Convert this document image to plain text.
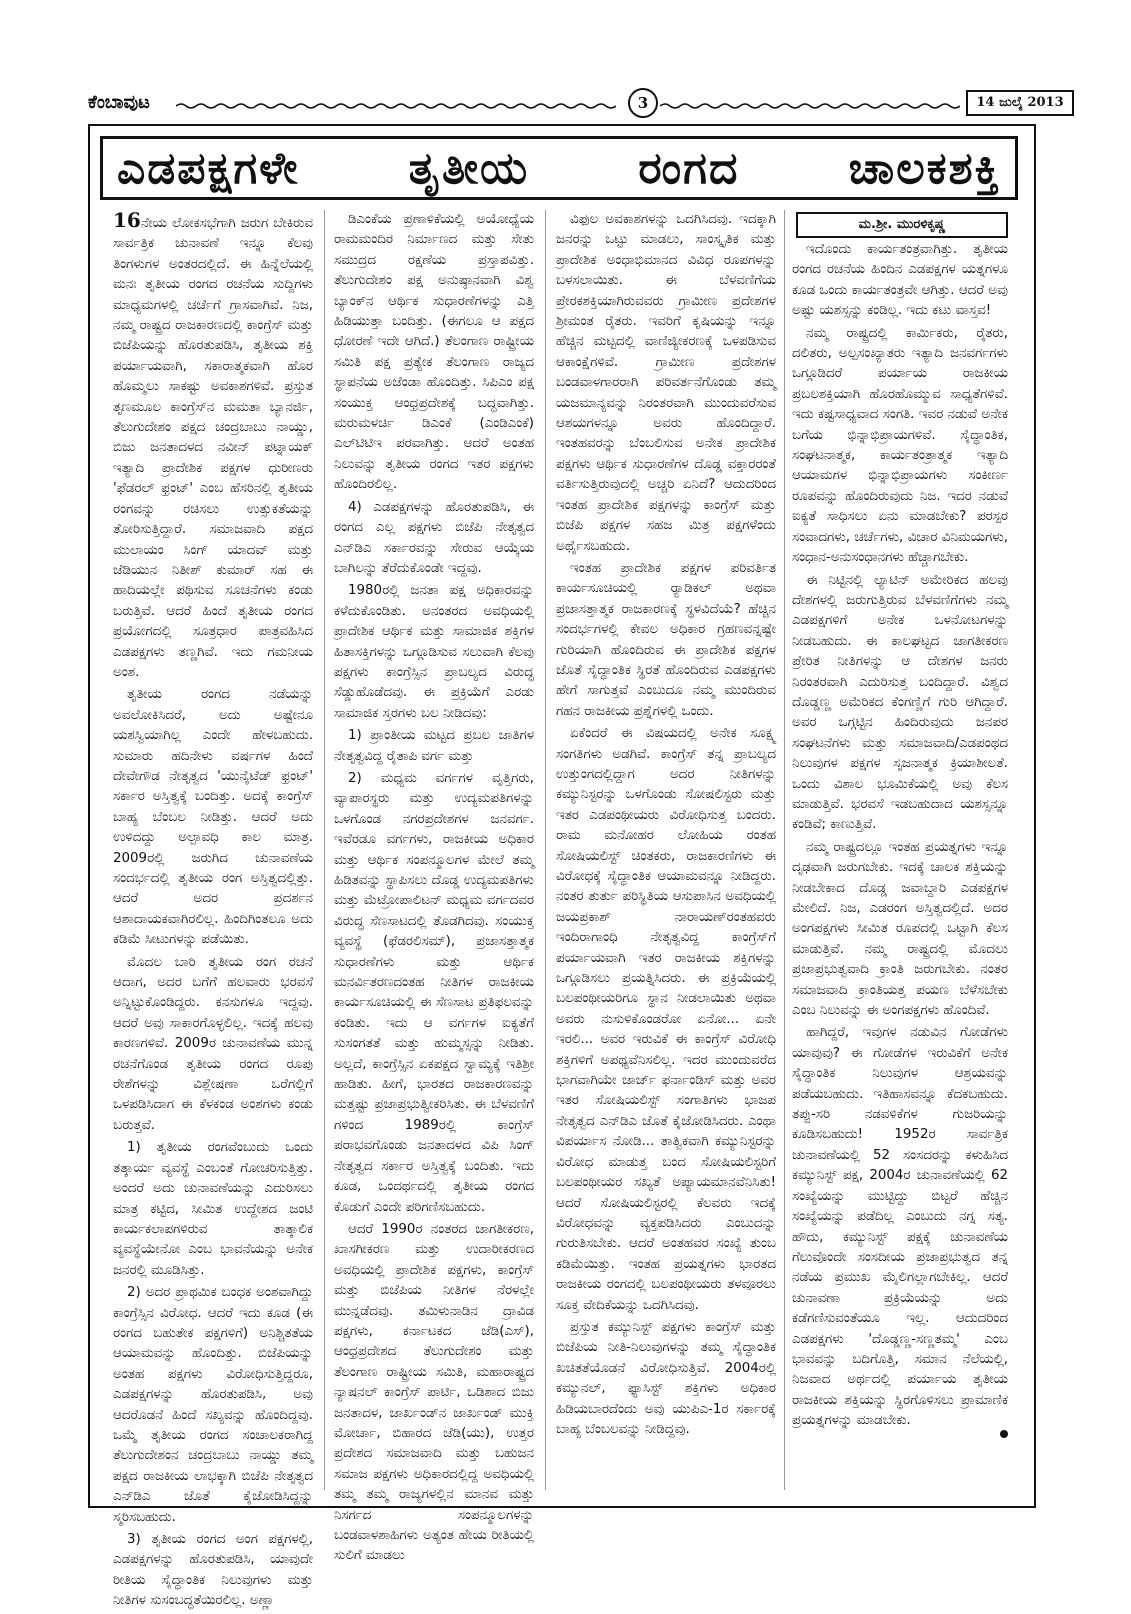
ಕೆಂಬಾವುಟ	3	14 ಜುಲೈ 2013
ಎಡಪಕ್ಷಗಳೇ ತೃತೀಯ ರಂಗದ ಚಾಲಕಶಕ್ತಿ
ಮ.ಶ್ರೀ. ಮುರಳಿಕೃಷ್ಣ

16ನೇಯ ಲೋಕಸಭೆಗಾಗಿ ಜರುಗ ಬೇಕಿರುವ ಸಾರ್ವತ್ರಿಕ ಚುನಾವಣೆ ಇನ್ನೂ ಕೆಲವು ತಿಂಗಳುಗಳ ಅಂತರದಲ್ಲಿದೆ. ಈ ಹಿನ್ನೆಲೆಯಲ್ಲಿ ಮನಃ ತೃತೀಯ ರಂಗದ ರಚನೆಯ ಸುದ್ದಿಗಳು ಮಾಧ್ಯಮಗಳಲ್ಲಿ ಚರ್ಚೆಗೆ ಗ್ರಾಸವಾಗಿವೆ. ನಿಜ, ನಮ್ಮ ರಾಷ್ಟ್ರದ ರಾಜಕಾರಣದಲ್ಲಿ ಕಾಂಗ್ರೆಸ್ ಮತ್ತು ಬಿಜೆಪಿಯನ್ನು ಹೊರತುಪಡಿಸಿ, ತೃತೀಯ ಶಕ್ತಿ ಪರ್ಯಾಯವಾಗಿ, ಸಕಾರಾತ್ಮಕವಾಗಿ ಹೊರ ಹೊಮ್ಮಲು ಸಾಕಷ್ಟು ಅವಕಾಶಗಳಿವೆ. ಪ್ರಸ್ತುತ ತೃಣಮೂಲ ಕಾಂಗ್ರೆಸ್‌ನ ಮಮತಾ ಬ್ಯಾನರ್ಜಿ, ತೆಲುಗುದೇಶಂ ಪಕ್ಷದ ಚಂದ್ರಬಾಬು ನಾಯ್ಡು, ಬಿಜು ಜನತಾದಳದ ನವೀನ್ ಪಟ್ನಾಯಕ್ ಇತ್ಯಾದಿ ಪ್ರಾದೇಶಿಕ ಪಕ್ಷಗಳ ಧುರೀಣರು 'ಫೆಡರಲ್ ಫ್ರಂಟ್' ಎಂಬ ಹೆಸರಿನಲ್ಲಿ ತೃತೀಯ ರಂಗವನ್ನು ರಚಿಸಲು ಉತ್ಸುಕತೆಯನ್ನು ತೋರಿಸುತ್ತಿದ್ದಾರೆ. ಸಮಾಜವಾದಿ ಪಕ್ಷದ ಮುಲಾಯಂ ಸಿಂಗ್ ಯಾದವ್ ಮತ್ತು ಜೆಡಿಯುನ ನಿತೀಶ್ ಕುಮಾರ್ ಸಹ ಈ ಹಾದಿಯಲ್ಲೇ ಪಥಿಸುವ ಸೂಚನೆಗಳು ಕಂಡು ಬರುತ್ತಿವೆ. ಆದರೆ ಹಿಂದೆ ತೃತೀಯ ರಂಗದ ಪ್ರಯೋಗದಲ್ಲಿ ಸೂತ್ರಧಾರ ಪಾತ್ರವಹಿಸಿದ ಎಡಪಕ್ಷಗಳು ತಣ್ಣಗಿವೆ. ಇದು ಗಮನೀಯ ಅಂಶ.

ತೃತೀಯ ರಂಗದ ನಡೆಯನ್ನು ಅವಲೋಕಿಸಿದರೆ, ಅದು ಅಷ್ಟೇನೂ ಯಶಸ್ವಿಯಾಗಿಲ್ಲ ಎಂದೇ ಹೇಳಬಹುದು. ಸುಮಾರು ಹದಿನೇಳು ವರ್ಷಗಳ ಹಿಂದೆ ದೇವೇಗೌಡ ನೇತೃತ್ವದ 'ಯುನೈಟೆಡ್ ಫ್ರಂಟ್' ಸರ್ಕಾರ ಅಸ್ತಿತ್ವಕ್ಕೆ ಬಂದಿತ್ತು. ಅದಕ್ಕೆ ಕಾಂಗ್ರೆಸ್ ಬಾಹ್ಯ ಬೆಂಬಲ ನೀಡಿತ್ತು. ಆದರೆ ಅದು ಉಳಿದದ್ದು ಅಲ್ಪಾವಧಿ ಕಾಲ ಮಾತ್ರ. 2009ರಲ್ಲಿ ಜರುಗಿದ ಚುನಾವಣೆಯ ಸಂದರ್ಭದಲ್ಲಿ ತೃತೀಯ ರಂಗ ಅಸ್ತಿತ್ವದಲ್ಲಿತ್ತು. ಆದರೆ ಅದರ ಪ್ರದರ್ಶನ ಆಶಾದಾಯಕವಾಗಿರಲಿಲ್ಲ. ಹಿಂದಿಗಿಂತಲೂ ಅದು ಕಡಿಮೆ ಸೀಟುಗಳನ್ನು ಪಡೆಯಿತು.

ಮೊದಲ ಬಾರಿ ತೃತೀಯ ರಂಗ ರಚನೆ ಆದಾಗ, ಅದರ ಬಗೆಗೆ ಹಲವಾರು ಭರವಸೆ ಅನ್ನಿಟ್ಟುಕೊಂಡಿದ್ದರು. ಕನಸುಗಳೂ ಇದ್ದವು. ಆದರೆ ಅವು ಸಾಕಾರಗೊಳ್ಳಲಿಲ್ಲ. ಇದಕ್ಕೆ ಹಲವು ಕಾರಣಗಳಿವೆ. 2009ರ ಚುನಾವಣೆಯ ಮುನ್ನ ರಚನೆಗೊಂಡ ತೃತೀಯ ರಂಗದ ರೂಪು ರೇಶೆಗಳನ್ನು ವಿಶ್ಲೇಷಣಾ ಒರೆಗಲ್ಲಿಗೆ ಒಳಪಡಿಸಿದಾಗ ಈ ಕೆಳಕಂಡ ಅಂಶಗಳು ಕಂಡು ಬರುತ್ತವೆ.

1) ತೃತೀಯ ರಂಗವೆಂಬುದು ಒಂದು ತತ್ಕಾರ್ಯ ವ್ಯವಸ್ಥೆ ಎಂಬಂತೆ ಗೋಚರಿಸುತ್ತಿತ್ತು. ಅಂದರೆ ಅದು ಚುನಾವಣೆಯನ್ನು ಎದುರಿಸಲು ಮಾತ್ರ ಕಟ್ಟಿದ, ಸೀಮಿತ ಉದ್ದೇಶದ ಜಂಟಿ ಕಾರ್ಯಕಲಾಪಗಳಿರುವ ತಾತ್ಕಾಲಿಕ ವ್ಯವಸ್ಥೆಯೇನೋ ಎಂಬ ಭಾವನೆಯನ್ನು ಅನೇಕ ಜನರಲ್ಲಿ ಮೂಡಿಸಿತ್ತು.

2) ಅದರ ಪ್ರಾಥಮಿಕ ಬಂಧಕ ಅಂಶವಾಗಿದ್ದು ಕಾಂಗ್ರೆಸ್ಸಿನ ವಿರೋಧ. ಆದರೆ ಇದು ಕೂಡ (ಈ ರಂಗದ ಬಹುತೇಕ ಪಕ್ಷಗಳಿಗೆ) ಅನಿಶ್ಚಿತತೆಯ ಆಯಾಮವನ್ನು ಹೊಂದಿತ್ತು. ಬಿಜೆಪಿಯನ್ನು ಅಂತಹ ಪಕ್ಷಗಳು ವಿರೋಧಿಸುತ್ತಿದ್ದರೂ, ಎಡಪಕ್ಷಗಳನ್ನು ಹೊರತುಪಡಿಸಿ, ಅವು ಆದರೊಡನೆ ಹಿಂದೆ ಸಖ್ಯವನ್ನು ಹೊಂದಿದ್ದವು. ಒಮ್ಮೆ ತೃತೀಯ ರಂಗದ ಸಂಚಾಲಕರಾಗಿದ್ದ ತೆಲುಗುದೇಶಂನ ಚಂದ್ರಬಾಬು ನಾಯ್ಡು ತಮ್ಮ ಪಕ್ಷದ ರಾಜಕೀಯ ಲಾಭಕ್ಕಾಗಿ ಬಿಜೆಪಿ ನೇತೃತ್ವದ ಎನ್‌ಡಿಎ ಜೊತೆ ಕೈಜೋಡಿಸಿದ್ದನ್ನು ಸ್ಮರಿಸಬಹುದು.

3) ತೃತೀಯ ರಂಗದ ಅಂಗ ಪಕ್ಷಗಳಲ್ಲಿ, ಎಡಪಕ್ಷಗಳನ್ನು ಹೊರತುಪಡಿಸಿ, ಯಾವುದೇ ರೀತಿಯ ಸೈದ್ಧಾಂತಿಕ ನಿಲುವುಗಳು ಮತ್ತು ನೀತಿಗಳ ಸುಸಂಬದ್ಧತೆಯಿರಲಿಲ್ಲ. ಅಣ್ಣಾ

ಡಿಎಂಕೆಯ ಪ್ರಣಾಳಿಕೆಯಲ್ಲಿ ಅಯೋಧ್ಯೆಯ ರಾಮಮಂದಿರ ನಿರ್ಮಾಣದ ಮತ್ತು ಸೇತು ಸಮುದ್ರದ ರಕ್ಷಣೆಯ ಪ್ರಸ್ತಾಪವಿತ್ತು. ತೆಲುಗುದೇಶಂ ಪಕ್ಷ ಅನುಷ್ಠಾನವಾಗಿ ವಿಶ್ವ ಬ್ಯಾಂಕ್‌ನ ಆರ್ಥಿಕ ಸುಧಾರಣೆಗಳನ್ನು ಎತ್ತಿ ಹಿಡಿಯುತ್ತಾ ಬಂದಿತ್ತು. (ಈಗಲೂ ಆ ಪಕ್ಷದ ಧೋರಣೆ ಇದೇ ಆಗಿದೆ.) ತೆಲಂಗಾಣ ರಾಷ್ಟ್ರೀಯ ಸಮಿತಿ ಪಕ್ಷ ಪ್ರತ್ಯೇಕ ತೆಲಂಗಾಣ ರಾಜ್ಯದ ಸ್ಥಾಪನೆಯ ಅಜೆಂಡಾ ಹೊಂದಿತ್ತು. ಸಿಪಿಎಂ ಪಕ್ಷ ಸಂಯುಕ್ತ ಆಂಧ್ರಪ್ರದೇಶಕ್ಕೆ ಬದ್ಧವಾಗಿತ್ತು. ಮರುಮಳರ್ಚಿ ಡಿಎಂಕೆ (ಎಂಡಿಎಂಕೆ) ಎಲ್‌ಟಿಟಿಇ ಪರವಾಗಿತ್ತು. ಆದರೆ ಅಂತಹ ನಿಲುವನ್ನು ತೃತೀಯ ರಂಗದ ಇತರ ಪಕ್ಷಗಳು ಹೊಂದಿರಲಿಲ್ಲ.

4) ಎಡಪಕ್ಷಗಳನ್ನು ಹೊರತುಪಡಿಸಿ, ಈ ರಂಗದ ಎಲ್ಲ ಪಕ್ಷಗಳು ಬಿಜೆಪಿ ನೇತೃತ್ವದ ಎನ್‌ಡಿಎ ಸರ್ಕಾರವನ್ನು ಸೇರುವ ಆಯ್ಕೆಯ ಬಾಗಿಲನ್ನು ತೆರೆದುಕೊಂಡೇ ಇದ್ದವು.

1980ರಲ್ಲಿ ಜನತಾ ಪಕ್ಷ ಅಧಿಕಾರವನ್ನು ಕಳೆದುಕೊಂಡಿತು. ಅನಂತರದ ಅವಧಿಯಲ್ಲಿ ಪ್ರಾದೇಶಿಕ ಆರ್ಥಿಕ ಮತ್ತು ಸಾಮಾಜಿಕ ಶಕ್ತಿಗಳ ಹಿತಾಸಕ್ತಿಗಳನ್ನು ಒಗ್ಗೂಡಿಸುವ ಸಲುವಾಗಿ ಕೆಲವು ಪಕ್ಷಗಳು ಕಾಂಗ್ರೆಸ್ಸಿನ ಪ್ರಾಬಲ್ಯದ ವಿರುದ್ಧ ಸೆಡ್ಡುಹೊಡೆದವು. ಈ ಪ್ರಕ್ರಿಯೆಗೆ ಎರಡು ಸಾಮಾಜಿಕ ಸ್ತರಗಳು ಬಲ ನೀಡಿದವು:

1) ಪ್ರಾಂತೀಯ ಮಟ್ಟದ ಪ್ರಬಲ ಜಾತಿಗಳ ನೇತೃತ್ವವಿದ್ದ ರೈತಾಪಿ ವರ್ಗ ಮತ್ತು

2) ಮಧ್ಯಮ ವರ್ಗಗಳ ವೃತ್ತಿಗರು, ವ್ಯಾಪಾರಸ್ಥರು ಮತ್ತು ಉದ್ಯಮಪತಿಗಳನ್ನು ಒಳಗೊಂಡ ನಗರಪ್ರದೇಶಗಳ ಜನವರ್ಗ. ಇವೆರಡೂ ವರ್ಗಗಳು, ರಾಜಕೀಯ ಅಧಿಕಾರ ಮತ್ತು ಆರ್ಥಿಕ ಸಂಪನ್ಮೂಲಗಳ ಮೇಲೆ ತಮ್ಮ ಹಿಡಿತವನ್ನು ಸ್ಥಾಪಿಸಲು ದೊಡ್ಡ ಉದ್ಯಮಪತಿಗಳು ಮತ್ತು ಮೆಟ್ರೋಪಾಲಿಟನ್ ಮಧ್ಯಮ ವರ್ಗದವರ ವಿರುದ್ಧ ಸೆಣಸಾಟದಲ್ಲಿ ತೊಡಗಿದವು. ಸಂಯುಕ್ತ ವ್ಯವಸ್ಥೆ (ಫೆಡರಲಿಸಮ್), ಪ್ರಜಾಸತ್ತಾತ್ಮಕ ಸುಧಾರಣೆಗಳು ಮತ್ತು ಆರ್ಥಿಕ ಮನರ್ವಿತರಣದಂತಹ ನೀತಿಗಳ ರಾಜಕೀಯ ಕಾರ್ಯಸೂಚಿಯಲ್ಲಿ ಈ ಸೆಣಸಾಟ ಪ್ರತಿಫಲವನ್ನು ಕಂಡಿತು. ಇದು ಆ ವರ್ಗಗಳ ಐಕ್ಯತೆಗೆ ಸುಸಂಗತತೆ ಮತ್ತು ಹುಮ್ಮಸ್ಸನ್ನು ನೀಡಿತು. ಅಲ್ಲದೆ, ಕಾಂಗ್ರೆಸ್ಸಿನ ಏಕಪಕ್ಷದ ಸ್ವಾಮ್ಯಕ್ಕೆ ಇತಿಶ್ರೀ ಹಾಡಿತು. ಹೀಗೆ, ಭಾರತದ ರಾಜಕಾರಣವನ್ನು ಮತ್ತಷ್ಟು ಪ್ರಜಾಪ್ರಭುತ್ವೀಕರಿಸಿತು. ಈ ಬೆಳವಣಿಗೆ ಗಳಿಂದ 1989ರಲ್ಲಿ ಕಾಂಗ್ರೆಸ್ ಪರಾಭವಗೊಂಡು ಜನತಾದಳದ ವಿಪಿ ಸಿಂಗ್ ನೇತೃತ್ವದ ಸರ್ಕಾರ ಅಸ್ತಿತ್ವಕ್ಕೆ ಬಂದಿತು. ಇದು ಕೂಡ, ಒಂದರ್ಥದಲ್ಲಿ ತೃತೀಯ ರಂಗದ ಕೊಡುಗೆ ಎಂದೇ ಪರಿಗಣಿಸಬಹುದು.

ಆದರೆ 1990ರ ನಂತರದ ಜಾಗತೀಕರಣ, ಖಾಸಗೀಕರಣ ಮತ್ತು ಉದಾರೀಕರಣದ ಅವಧಿಯಲ್ಲಿ ಪ್ರಾದೇಶಿಕ ಪಕ್ಷಗಳು, ಕಾಂಗ್ರೆಸ್ ಮತ್ತು ಬಿಜೆಪಿಯ ನೀತಿಗಳ ನೆರಳಲ್ಲೇ ಮುನ್ನಡೆದವು. ತಮಿಳುನಾಡಿನ ದ್ರಾವಿಡ ಪಕ್ಷಗಳು, ಕರ್ನಾಟಕದ ಜೆಡಿ(ಎಸ್), ಆಂಧ್ರಪ್ರದೇಶದ ತೆಲುಗುದೇಶಂ ಮತ್ತು ತೆಲಂಗಾಣ ರಾಷ್ಟ್ರೀಯ ಸಮಿತಿ, ಮಹಾರಾಷ್ಟ್ರದ ನ್ಯಾಷನಲ್ ಕಾಂಗ್ರೆಸ್ ಪಾರ್ಟಿ, ಒಡಿಶಾದ ಬಿಜು ಜನತಾದಳ, ಜಾರ್ಖಂಡ್‌ನ ಜಾರ್ಖಂಡ್ ಮುಕ್ತಿ ಮೋರ್ಚಾ, ಬಿಹಾರದ ಜೆಡಿ(ಯು), ಉತ್ತರ ಪ್ರದೇಶದ ಸಮಾಜವಾದಿ ಮತ್ತು ಬಹುಜನ ಸಮಾಜ ಪಕ್ಷಗಳು ಅಧಿಕಾರದಲ್ಲಿದ್ದ ಅವಧಿಯಲ್ಲಿ ತಮ್ಮ ತಮ್ಮ ರಾಜ್ಯಗಳಲ್ಲಿನ ಮಾನವ ಮತ್ತು ನಿಸರ್ಗದ ಸಂಪನ್ಮೂಲಗಳನ್ನು ಬಂಡವಾಳಶಾಹಿಗಳು ಅತ್ಯಂತ ಹೇಯ ರೀತಿಯಲ್ಲಿ ಸುಲಿಗೆ ಮಾಡಲು

ವಿಫುಲ ಅವಕಾಶಗಳನ್ನು ಒದಗಿಸಿದವು. ಇದಕ್ಕಾಗಿ ಜನರನ್ನು ಒಟ್ಟು ಮಾಡಲು, ಸಾಂಸ್ಕೃತಿಕ ಮತ್ತು ಪ್ರಾದೇಶಿಕ ಅಂಧಾಭಿಮಾನದ ವಿವಿಧ ರೂಪಗಳನ್ನು ಬಳಸಲಾಯಿತು. ಈ ಬೆಳವಣಿಗೆಯ ಪ್ರೇರಕಶಕ್ತಿಯಾಗಿರುವವರು ಗ್ರಾಮೀಣ ಪ್ರದೇಶಗಳ ಶ್ರೀಮಂತ ರೈತರು. ಇವರಿಗೆ ಕೃಷಿಯನ್ನು ಇನ್ನೂ ಹೆಚ್ಚಿನ ಮಟ್ಟದಲ್ಲಿ ವಾಣಿಜ್ಯೀಕರಣಕ್ಕೆ ಒಳಪಡಿಸುವ ಆಕಾಂಕ್ಷೆಗಳಿವೆ. ಗ್ರಾಮೀಣ ಪ್ರದೇಶಗಳ ಬಂಡವಾಳಗಾರರಾಗಿ ಪರಿವರ್ತನೆಗೊಂಡು ತಮ್ಮ ಯಜಮಾನ್ಯವನ್ನು ನಿರಂತರವಾಗಿ ಮುಂದುವರೆಸುವ ಆಶಯಗಳನ್ನೂ ಅವರು ಹೊಂದಿದ್ದಾರೆ. ಇಂತಹವರನ್ನು ಬೆಂಬಲಿಸುವ ಅನೇಕ ಪ್ರಾದೇಶಿಕ ಪಕ್ಷಗಳು ಆರ್ಥಿಕ ಸುಧಾರಣೆಗಳ ದೊಡ್ಡ ವಕ್ತಾರರಂತೆ ವರ್ತಿಸುತ್ತಿರುವುದಲ್ಲಿ ಅಚ್ಚರಿ ಏನಿದೆ? ಆದುದರಿಂದ ಇಂತಹ ಪ್ರಾದೇಶಿಕ ಪಕ್ಷಗಳನ್ನು ಕಾಂಗ್ರೆಸ್ ಮತ್ತು ಬಿಜೆಪಿ ಪಕ್ಷಗಳ ಸಹಜ ಮಿತ್ರ ಪಕ್ಷಗಳೆಂದು ಅರ್ಥೈಸಬಹುದು.

ಇಂತಹ ಪ್ರಾದೇಶಿಕ ಪಕ್ಷಗಳ ಪರಿವರ್ತಿತ ಕಾರ್ಯಸೂಚಿಯಲ್ಲಿ ರ್‍ಯಾಡಿಕಲ್ ಅಥವಾ ಪ್ರಜಾಸತ್ತಾತ್ಮಕ ರಾಜಕಾರಣಕ್ಕೆ ಸ್ಥಳವಿದೆಯೆ? ಹೆಚ್ಚಿನ ಸಂದರ್ಭಗಳಲ್ಲಿ ಕೇವಲ ಅಧಿಕಾರ ಗ್ರಹಣವನ್ನಷ್ಟೇ ಗುರಿಯಾಗಿ ಹೊಂದಿರುವ ಈ ಪ್ರಾದೇಶಿಕ ಪಕ್ಷಗಳ ಜೊತೆ ಸೈದ್ಧಾಂತಿಕ ಸ್ಥಿರತೆ ಹೊಂದಿರುವ ಎಡಪಕ್ಷಗಳು ಹೇಗೆ ಸಾಗುತ್ತವೆ ಎಂಬುದೂ ನಮ್ಮ ಮುಂದಿರುವ ಗಹನ ರಾಜಕೀಯ ಪ್ರಶ್ನೆಗಳಲ್ಲಿ ಒಂದು.

ಏಕೆಂದರೆ ಈ ವಿಷಯದಲ್ಲಿ ಅನೇಕ ಸೂಕ್ಷ್ಮ ಸಂಗತಿಗಳು ಅಡಗಿವೆ. ಕಾಂಗ್ರೆಸ್ ತನ್ನ ಪ್ರಾಬಲ್ಯದ ಉತ್ತುಂಗದಲ್ಲಿದ್ದಾಗ ಅದರ ನೀತಿಗಳನ್ನು ಕಮ್ಯುನಿಸ್ಟರನ್ನು ಒಳಗೊಂಡು ಸೋಷಲಿಸ್ಟರು ಮತ್ತು ಇತರ ಎಡಪಂಥೀಯರು ವಿರೋಧಿಸುತ್ತ ಬಂದರು. ರಾಮ ಮನೋಹರ ಲೋಹಿಯ ರಂತಹ ಸೋಷಿಯಲಿಸ್ಟ್ ಚಿಂತಕರು, ರಾಜಕಾರಣಿಗಳು ಈ ವಿರೋಧಕ್ಕೆ ಸೈದ್ಧಾಂತಿಕ ಆಯಾಮವನ್ನೂ ನೀಡಿದ್ದರು. ನಂತರ ತುರ್ತು ಪರಿಸ್ಥಿತಿಯ ಆಸುಪಾಸಿನ ಅವಧಿಯಲ್ಲಿ ಜಯಪ್ರಕಾಶ್ ನಾರಾಯಣ್‌ರಂತಹವರು ಇಂದಿರಾಗಾಂಧಿ ನೇತೃತ್ವವಿದ್ದ ಕಾಂಗ್ರೆಸ್‌ಗೆ ಪರ್ಯಾಯವಾಗಿ ಇತರ ರಾಜಕೀಯ ಶಕ್ತಿಗಳನ್ನು ಒಗ್ಗೂಡಿಸಲು ಪ್ರಯತ್ನಿಸಿದರು. ಈ ಪ್ರಕ್ರಿಯೆಯಲ್ಲಿ ಬಲಪಂಥೀಯರಿಗೂ ಸ್ಥಾನ ನೀಡಲಾಯಿತು ಅಥವಾ ಅವರು ನುಸುಳಿಕೊಂಡರೋ ಏನೋ... ಏನೇ ಇರಲಿ... ಅವರ ಇರುವಿಕೆ ಈ ಕಾಂಗ್ರೆಸ್ ವಿರೋಧಿ ಶಕ್ತಿಗಳಿಗೆ ಅಪಥ್ಯವೆನಿಸಲಿಲ್ಲ. ಇದರ ಮುಂದುವರೆದ ಭಾಗವಾಗಿಯೇ ಜಾರ್ಜ್ ಫರ್ನಾಂಡಿಸ್ ಮತ್ತು ಅವರ ಇತರ ಸೋಷಿಯಲಿಸ್ಟ್ ಸಂಗಾತಿಗಳು ಭಾಜಪ ನೇತೃತ್ವದ ಎನ್‌ಡಿಎ ಜೊತೆ ಕೈಜೋಡಿಸಿದರು. ಎಂಥಾ ವಿಪರ್ಯಾಸ ನೋಡಿ... ತಾತ್ವಿಕವಾಗಿ ಕಮ್ಯುನಿಸ್ಟರನ್ನು ವಿರೋಧ ಮಾಡುತ್ತ ಬಂದ ಸೋಷಿಯಲಿಸ್ಟರಿಗೆ ಬಲಪಂಥೀಯರ ಸಖ್ಯತೆ ಅಪ್ಯಾಯಮಾನವೆನಿಸಿತು! ಆದರೆ ಸೋಷಿಯಲಿಸ್ಟರಲ್ಲಿ ಕೆಲವರು ಇದಕ್ಕೆ ವಿರೋಧವನ್ನು ವ್ಯಕ್ತಪಡಿಸಿದರು ಎಂಬುದನ್ನು ಗುರುತಿಸಬೇಕು. ಆದರೆ ಅಂತಹವರ ಸಂಖ್ಯೆ ತುಂಬ ಕಡಿಮೆಯಿತ್ತು. ಇಂತಹ ಪ್ರಯತ್ನಗಳು ಭಾರತದ ರಾಜಕೀಯ ರಂಗದಲ್ಲಿ ಬಲಪಂಥೀಯರು ತಳವೂರಲು ಸೂಕ್ತ ವೇದಿಕೆಯನ್ನು ಒದಗಿಸಿದವು.

ಪ್ರಸ್ತುತ ಕಮ್ಯುನಿಸ್ಟ್ ಪಕ್ಷಗಳು ಕಾಂಗ್ರೆಸ್ ಮತ್ತು ಬಿಜೆಪಿಯ ನೀತಿ-ನಿಲುವುಗಳನ್ನು ತಮ್ಮ ಸೈದ್ಧಾಂತಿಕ ಖಚಿತತೆಯೊಡನೆ ವಿರೋಧಿಸುತ್ತಿವೆ. 2004ರಲ್ಲಿ ಕಮ್ಯುನಲ್, ಫ್ಯಾಸಿಸ್ಟ್ ಶಕ್ತಿಗಳು ಅಧಿಕಾರ ಹಿಡಿಯಬಾರದೆಂದು ಅವು ಯುಪಿಎ-1ರ ಸರ್ಕಾರಕ್ಕೆ ಬಾಹ್ಯ ಬೆಂಬಲವನ್ನು ನೀಡಿದ್ದವು.

ಇದೊಂದು ಕಾರ್ಯತಂತ್ರವಾಗಿತ್ತು. ತೃತೀಯ ರಂಗದ ರಚನೆಯ ಹಿಂದಿನ ಎಡಪಕ್ಷಗಳ ಯತ್ನಗಳೂ ಕೂಡ ಒಂದು ಕಾರ್ಯತಂತ್ರವೇ ಆಗಿತ್ತು. ಆದರೆ ಅವು ಅಷ್ಟು ಯಶಸ್ಸನ್ನು ಕಂಡಿಲ್ಲ. ಇದು ಕಟು ವಾಸ್ತವ!

ನಮ್ಮ ರಾಷ್ಟ್ರದಲ್ಲಿ ಕಾರ್ಮಿಕರು, ರೈತರು, ದಲಿತರು, ಅಲ್ಪಸಂಖ್ಯಾತರು ಇತ್ಯಾದಿ ಜನವರ್ಗಗಳು ಒಗ್ಗೂಡಿದರೆ ಪರ್ಯಾಯ ರಾಜಕೀಯ ಪ್ರಬಲಶಕ್ತಿಯಾಗಿ ಹೊರಹೊಮ್ಮುವ ಸಾಧ್ಯತೆಗಳಿವೆ. ಇದು ಕಷ್ಟಸಾಧ್ಯವಾದ ಸಂಗತಿ. ಇವರ ನಡುವೆ ಅನೇಕ ಬಗೆಯ ಭಿನ್ನಾಭಿಪ್ರಾಯಗಳಿವೆ. ಸೈದ್ಧಾಂತಿಕ, ಸಂಘಟನಾತ್ಮಕ, ಕಾರ್ಯತಂತ್ರಾತ್ಮಕ ಇತ್ಯಾದಿ ಆಯಾಮಗಳ ಭಿನ್ನಾಭಿಪ್ರಾಯಗಳು ಸಂಕೀರ್ಣ ರೂಪವನ್ನು ಹೊಂದಿರುವುದು ನಿಜ. ಇದರ ನಡುವೆ ಐಕ್ಯತೆ ಸಾಧಿಸಲು ಏನು ಮಾಡಬೇಕು? ಪರಸ್ಪರ ಸಂವಾದಗಳು, ಚರ್ಚೆಗಳು, ವಿಚಾರ ವಿನಿಮಯಗಳು, ಸಂಧಾನ-ಅನುಸಂಧಾನಗಳು ಹೆಚ್ಚಾಗಬೇಕು.

ಈ ನಿಟ್ಟಿನಲ್ಲಿ ಲ್ಯಾಟಿನ್ ಅಮೇರಿಕದ ಹಲವು ದೇಶಗಳಲ್ಲಿ ಜರುಗುತ್ತಿರುವ ಬೆಳವಣಿಗೆಗಳು ನಮ್ಮ ಎಡಪಕ್ಷಗಳಿಗೆ ಅನೇಕ ಒಳನೋಟಗಳನ್ನು ನೀಡಬಹುದು. ಈ ಕಾಲಘಟ್ಟದ ಜಾಗತೀಕರಣ ಪ್ರೇರಿತ ನೀತಿಗಳನ್ನು ಆ ದೇಶಗಳ ಜನರು ನಿರಂತರವಾಗಿ ಎದುರಿಸುತ್ತ ಬಂದಿದ್ದಾರೆ. ವಿಶ್ವದ ದೊಡ್ಡಣ್ಣ ಅಮೆರಿಕದ ಕೆಂಗಣ್ಣಿಗೆ ಗುರಿ ಆಗಿದ್ದಾರೆ. ಅವರ ಒಗ್ಗಟ್ಟಿನ ಹಿಂದಿರುವುದು ಜನಪರ ಸಂಘಟನೆಗಳು ಮತ್ತು ಸಮಾಜವಾದಿ/ಎಡಪಂಥದ ನಿಲುವುಗಳ ಪಕ್ಷಗಳ ಸೃಜನಾತ್ಮಕ ಕ್ರಿಯಾಶೀಲತೆ. ಒಂದು ವಿಶಾಲ ಭೂಮಿಕೆಯಲ್ಲಿ ಅವು ಕೆಲಸ ಮಾಡುತ್ತಿವೆ. ಭರವಸೆ ಇಡಬಹುದಾದ ಯಶಸ್ಸನ್ನೂ ಕಂಡಿವೆ; ಕಾಣುತ್ತಿವೆ.

ನಮ್ಮ ರಾಷ್ಟ್ರದಲ್ಲೂ ಇಂತಹ ಪ್ರಯತ್ನಗಳು ಇನ್ನೂ ದೃಢವಾಗಿ ಜರುಗಬೇಕು. ಇದಕ್ಕೆ ಚಾಲಕ ಶಕ್ತಿಯನ್ನು ನೀಡಬೇಕಾದ ದೊಡ್ಡ ಜವಾಬ್ದಾರಿ ಎಡಪಕ್ಷಗಳ ಮೇಲಿದೆ. ನಿಜ, ಎಡರಂಗ ಅಸ್ತಿತ್ವದಲ್ಲಿದೆ. ಅದರ ಅಂಗಪಕ್ಷಗಳು ಸೀಮಿತ ರೂಪದಲ್ಲಿ ಒಟ್ಟಾಗಿ ಕೆಲಸ ಮಾಡುತ್ತಿವೆ. ನಮ್ಮ ರಾಷ್ಟ್ರದಲ್ಲಿ ಮೊದಲು ಪ್ರಜಾಪ್ರಭುತ್ವವಾದಿ ಕ್ರಾಂತಿ ಜರುಗಬೇಕು. ನಂತರ ಸಮಾಜವಾದಿ ಕ್ರಾಂತಿಯತ್ತ ಪಯಣ ಬೆಳೆಸಬೇಕು ಎಂಬ ನಿಲುವನ್ನು ಈ ಅಂಗಪಕ್ಷಗಳು ಹೊಂದಿವೆ.

ಹಾಗಿದ್ದರೆ, ಇವುಗಳ ನಡುವಿನ ಗೋಡೆಗಳು ಯಾವುವು? ಈ ಗೋಡೆಗಳ ಇರುವಿಕೆಗೆ ಅನೇಕ ಸೈದ್ಧಾಂತಿಕ ನಿಲುವುಗಳ ಆಶ್ರಯವನ್ನು ಪಡೆಯಬಹುದು. ಇತಿಹಾಸವನ್ನೂ ಕೆದಕಬಹುದು. ತಪ್ಪು-ಸರಿ ನಡವಳಿಕೆಗಳ ಗುಜರಿಯನ್ನು ಕೂಡಿಸಬಹುದು! 1952ರ ಸಾರ್ವತ್ರಿಕ ಚುನಾವಣೆಯಲ್ಲಿ 52 ಸಂಸದರನ್ನು ಕಳುಹಿಸಿದ ಕಮ್ಯುನಿಸ್ಟ್ ಪಕ್ಷ, 2004ರ ಚುನಾವಣೆಯಲ್ಲಿ 62 ಸಂಖ್ಯೆಯನ್ನು ಮುಟ್ಟಿದ್ದು ಬಿಟ್ಟರೆ ಹೆಚ್ಚಿನ ಸಂಖ್ಯೆಯನ್ನು ಪಡೆದಿಲ್ಲ ಎಂಬುದು ನಗ್ನ ಸತ್ಯ. ಹೌದು, ಕಮ್ಯುನಿಸ್ಟ್ ಪಕ್ಷಕ್ಕೆ ಚುನಾವಣೆಯ ಗೆಲುವೊಂದೇ ಸಂಸದೀಯ ಪ್ರಜಾಪ್ರಭುತ್ವದ ತನ್ನ ನಡೆಯ ಪ್ರಮುಖ ಮೈಲಿಗಲ್ಲಾಗಬೇಕಿಲ್ಲ. ಆದರೆ ಚುನಾವಣಾ ಪ್ರಕ್ರಿಯೆಯನ್ನು ಅದು ಕಡೆಗಣಿಸುವಂತೆಯೂ ಇಲ್ಲ. ಆದುದರಿಂದ ಎಡಪಕ್ಷಗಳು 'ದೊಡ್ಡಣ್ಣ-ಸಣ್ಣತಮ್ಮ' ಎಂಬ ಭಾವವನ್ನು ಬದಿಗೊತ್ತಿ, ಸಮಾನ ನೆಲೆಯಲ್ಲಿ, ನಿಜವಾದ ಅರ್ಥದಲ್ಲಿ ಪರ್ಯಾಯ ತೃತೀಯ ರಾಜಕೀಯ ಶಕ್ತಿಯನ್ನು ಸ್ಥಿರಗೊಳಿಸಲು ಪ್ರಾಮಾಣಿಕ ಪ್ರಯತ್ನಗಳನ್ನು ಮಾಡಬೇಕು.
